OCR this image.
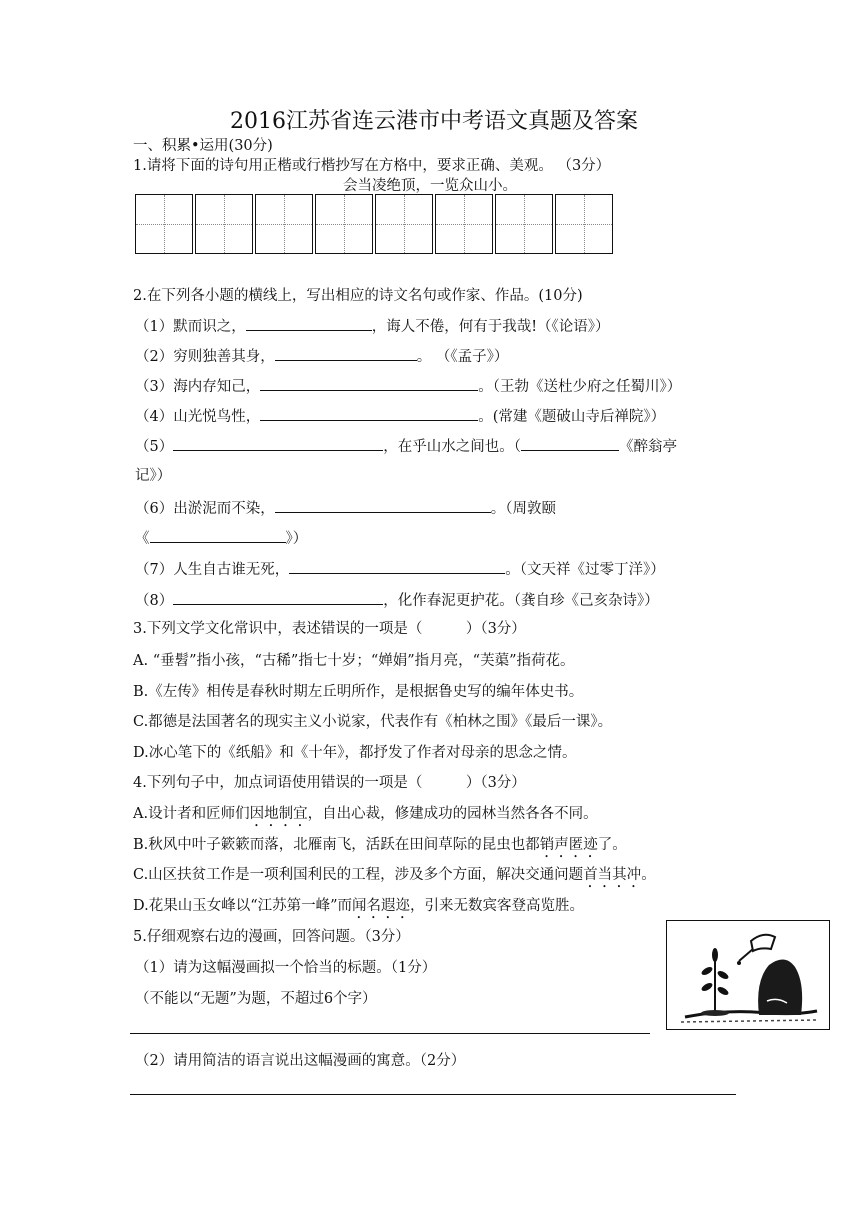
2016江苏省连云港市中考语文真题及答案
一、积累•运用(30分)
1.请将下面的诗句用正楷或行楷抄写在方格中，要求正确、美观。 （3分）
会当凌绝顶，一览众山小。
2.在下列各小题的横线上，写出相应的诗文名句或作家、作品。(10分)
（1）默而识之，	，诲人不倦，何有于我哉!（《论语》）
（2）穷则独善其身，	。 （《孟子》）
（3）海内存知己，	。（王勃《送杜少府之任蜀川》）
（4）山光悦鸟性，	。(常建《题破山寺后禅院》）
（5）	，在乎山水之间也。（	《醉翁亭
记》）
（6）出淤泥而不染，	。（周敦颐
《	》）
（7）人生自古谁无死，	。（文天祥《过零丁洋》）
（8）	，化作春泥更护花。（龚自珍《己亥杂诗》）
3.下列文学文化常识中，表述错误的一项是（　　　）（3分）
A. “垂髫”指小孩，“古稀”指七十岁；“婵娟”指月亮，“芙蕖”指荷花。
B.《左传》相传是春秋时期左丘明所作，是根据鲁史写的编年体史书。
C.都德是法国著名的现实主义小说家，代表作有《柏林之围》《最后一课》。
D.冰心笔下的《纸船》和《十年》，都抒发了作者对母亲的思念之情。
4.下列句子中，加点词语使用错误的一项是（　　　）（3分）
A.设计者和匠师们因地制宜，自出心裁，修建成功的园林当然各各不同。
B.秋风中叶子簌簌而落，北雁南飞，活跃在田间草际的昆虫也都销声匿迹了。
C.山区扶贫工作是一项利国利民的工程，涉及多个方面，解决交通问题首当其冲。
D.花果山玉女峰以“江苏第一峰”而闻名遐迩，引来无数宾客登高览胜。
5.仔细观察右边的漫画，回答问题。（3分）
（1）请为这幅漫画拟一个恰当的标题。（1分）
（不能以“无题”为题，不超过6个字）
（2）请用简洁的语言说出这幅漫画的寓意。（2分）
